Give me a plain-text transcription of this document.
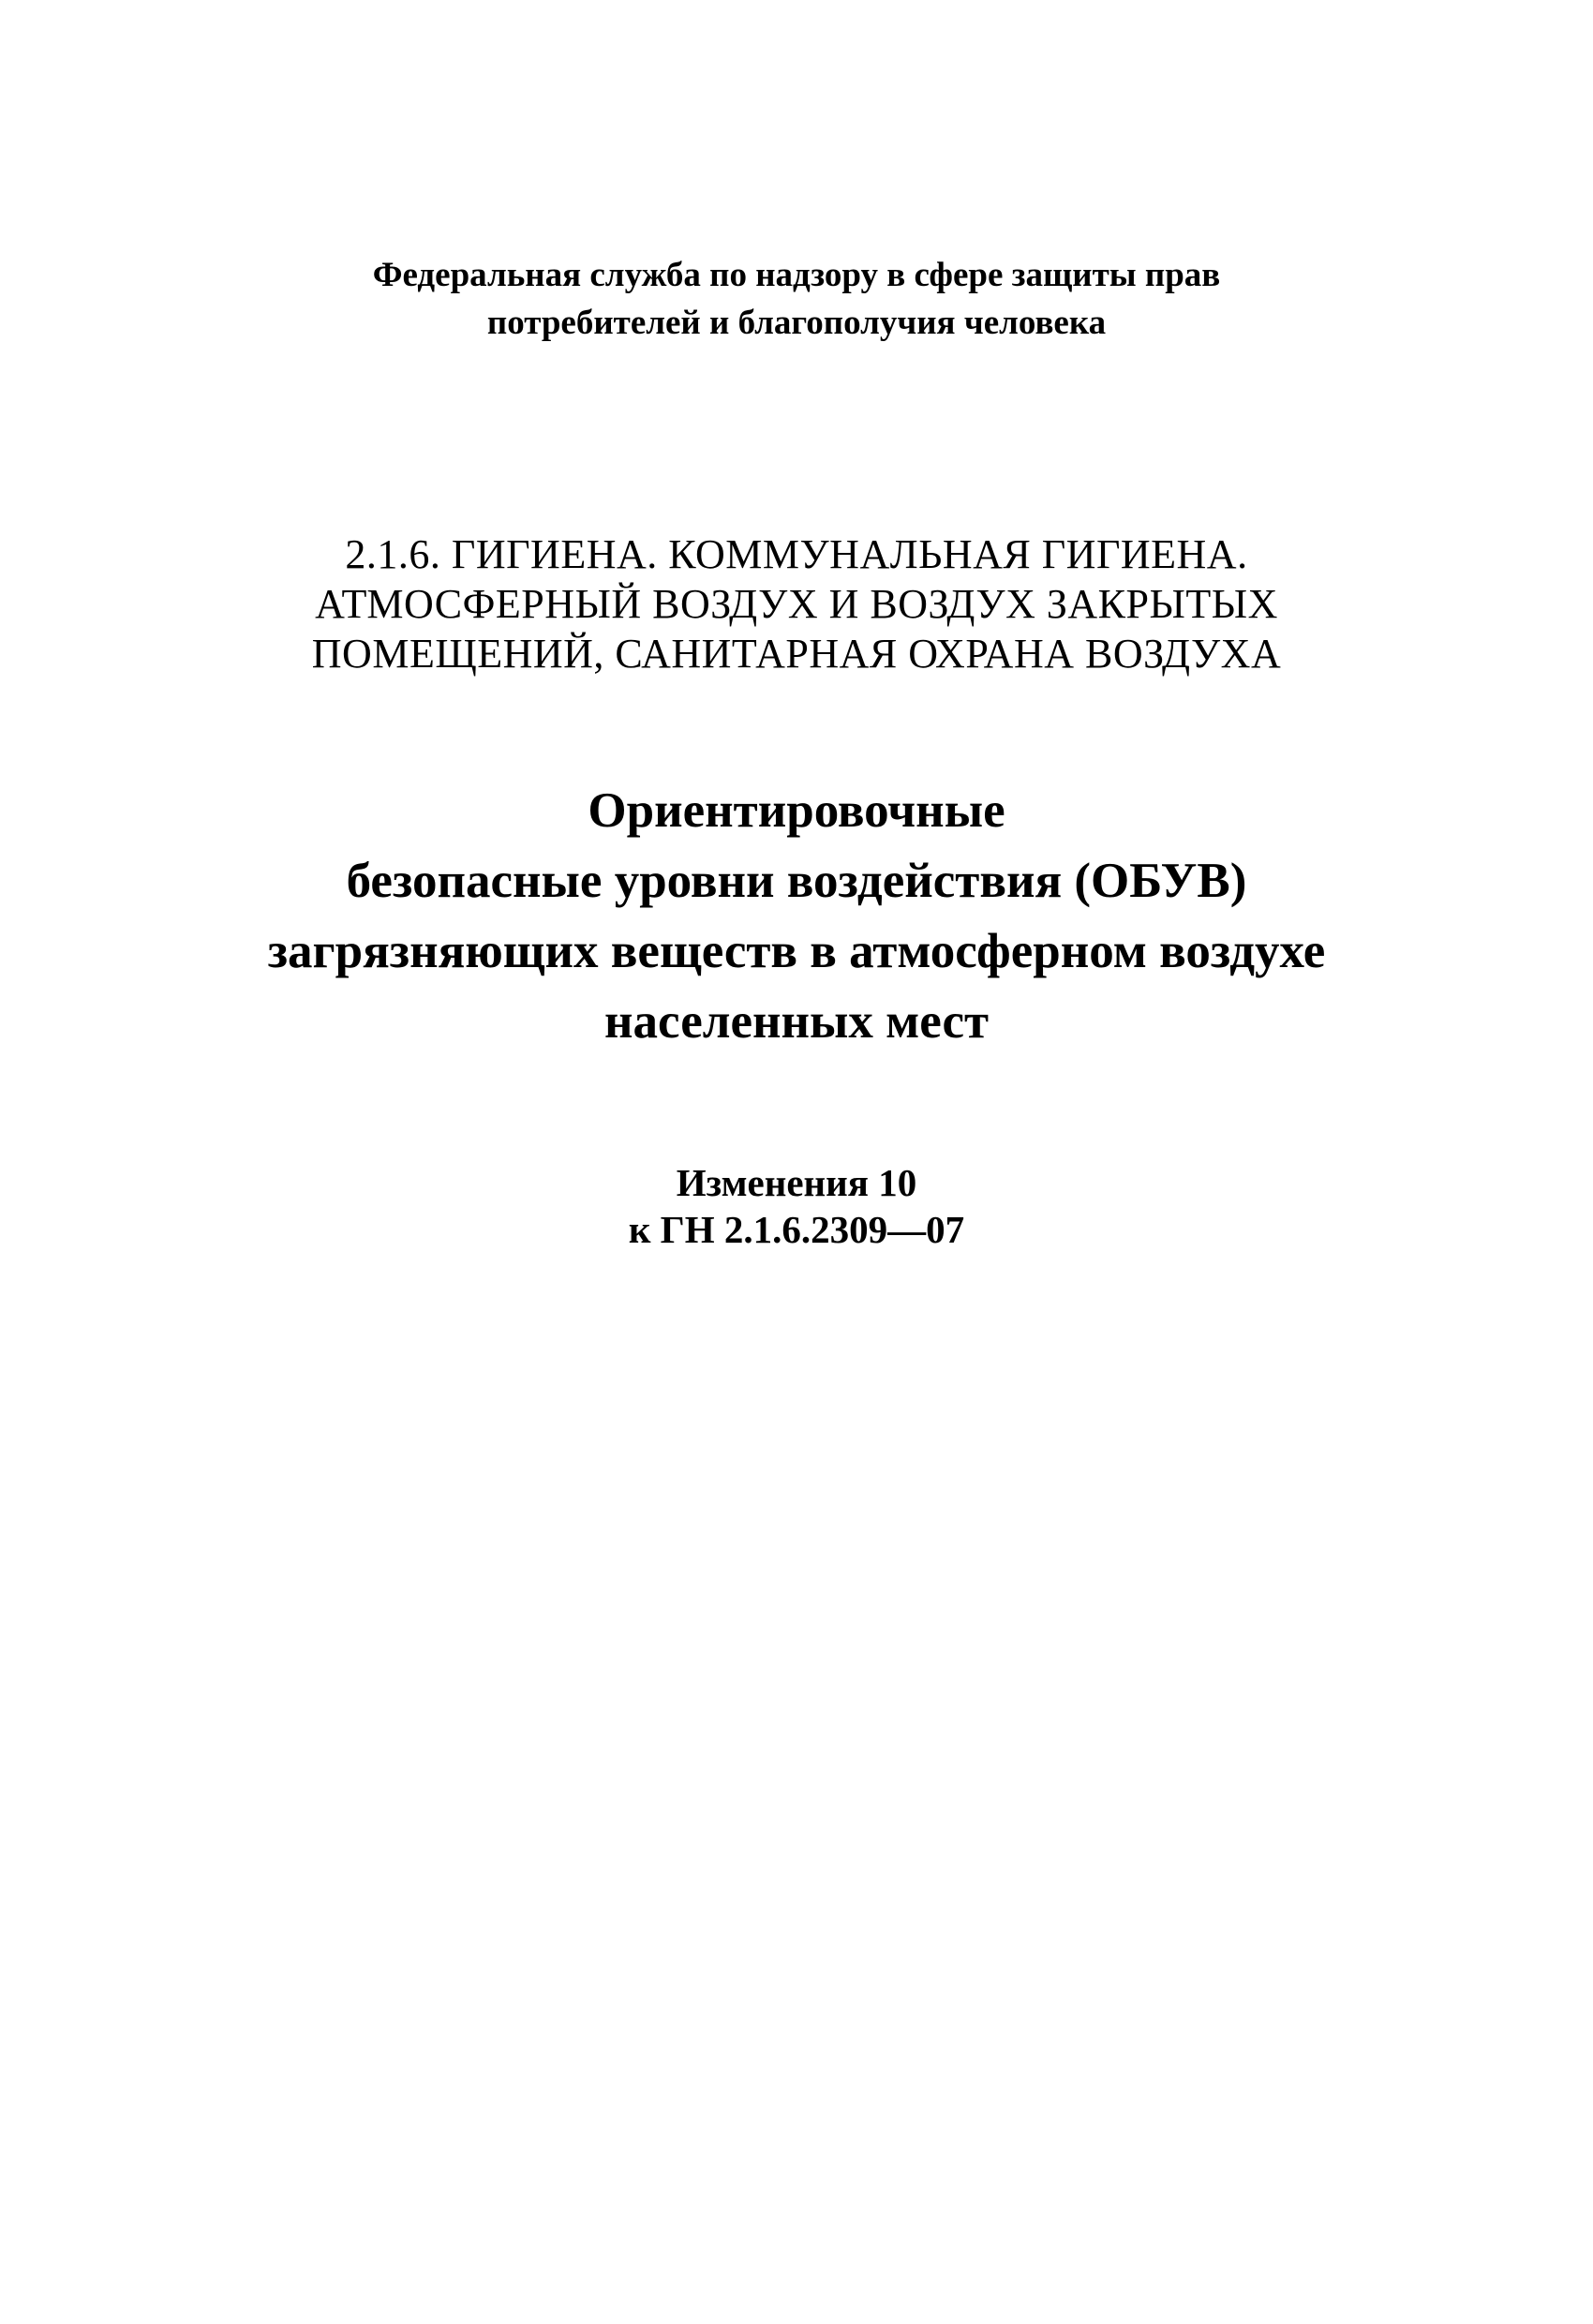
Федеральная служба по надзору в сфере защиты прав
потребителей и благополучия человека
2.1.6. ГИГИЕНА. КОММУНАЛЬНАЯ ГИГИЕНА.
АТМОСФЕРНЫЙ ВОЗДУХ И ВОЗДУХ ЗАКРЫТЫХ
ПОМЕЩЕНИЙ, САНИТАРНАЯ ОХРАНА ВОЗДУХА
Ориентировочные
безопасные уровни воздействия (ОБУВ)
загрязняющих веществ в атмосферном воздухе
населенных мест
Изменения 10
к ГН 2.1.6.2309—07
